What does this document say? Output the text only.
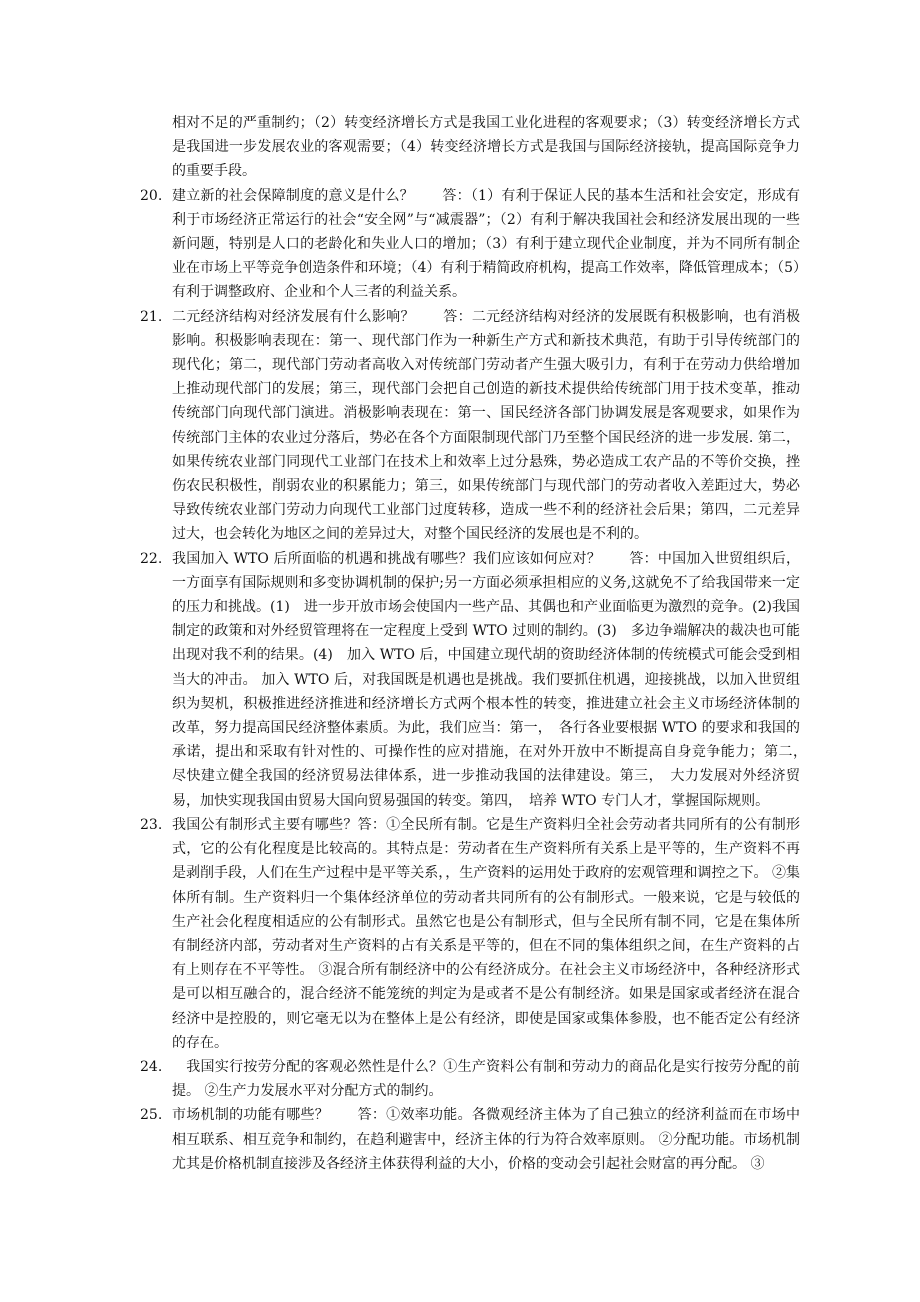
相对不足的严重制约；（2）转变经济增长方式是我国工业化进程的客观要求；（3）转变经济增长方式是我国进一步发展农业的客观需要；（4）转变经济增长方式是我国与国际经济接轨，提高国际竞争力的重要手段。
20. 建立新的社会保障制度的意义是什么？　　答：（1）有利于保证人民的基本生活和社会安定，形成有利于市场经济正常运行的社会“安全网”与“减震器”；（2）有利于解决我国社会和经济发展出现的一些新问题，特别是人口的老龄化和失业人口的增加；（3）有利于建立现代企业制度，并为不同所有制企业在市场上平等竞争创造条件和环境；（4）有利于精简政府机构，提高工作效率，降低管理成本；（5）有利于调整政府、企业和个人三者的利益关系。
21. 二元经济结构对经济发展有什么影响？　　答：二元经济结构对经济的发展既有积极影响，也有消极影响。积极影响表现在：第一、现代部门作为一种新生产方式和新技术典范，有助于引导传统部门的现代化；第二，现代部门劳动者高收入对传统部门劳动者产生强大吸引力，有利于在劳动力供给增加上推动现代部门的发展；第三，现代部门会把自己创造的新技术提供给传统部门用于技术变革，推动传统部门向现代部门演进。消极影响表现在：第一、国民经济各部门协调发展是客观要求，如果作为传统部门主体的农业过分落后，势必在各个方面限制现代部门乃至整个国民经济的进一步发展. 第二，如果传统农业部门同现代工业部门在技术上和效率上过分悬殊，势必造成工农产品的不等价交换，挫伤农民积极性，削弱农业的积累能力；第三，如果传统部门与现代部门的劳动者收入差距过大，势必导致传统农业部门劳动力向现代工业部门过度转移，造成一些不利的经济社会后果；第四，二元差异过大，也会转化为地区之间的差异过大，对整个国民经济的发展也是不利的。
22. 我国加入 WTO 后所面临的机遇和挑战有哪些？我们应该如何应对？　　答：中国加入世贸组织后，一方面享有国际规则和多变协调机制的保护;另一方面必须承担相应的义务,这就免不了给我国带来一定的压力和挑战。(1)　进一步开放市场会使国内一些产品、其偶也和产业面临更为激烈的竞争。(2)我国制定的政策和对外经贸管理将在一定程度上受到 WTO 过则的制约。(3)　多边争端解决的裁决也可能出现对我不利的结果。(4)　加入 WTO 后，中国建立现代胡的资助经济体制的传统模式可能会受到相当大的冲击。 加入 WTO 后，对我国既是机遇也是挑战。我们要抓住机遇，迎接挑战，以加入世贸组织为契机，积极推进经济推进和经济增长方式两个根本性的转变，推进建立社会主义市场经济体制的改革，努力提高国民经济整体素质。为此，我们应当：第一，　各行各业要根据 WTO 的要求和我国的承诺，提出和采取有针对性的、可操作性的应对措施，在对外开放中不断提高自身竞争能力；第二，　尽快建立健全我国的经济贸易法律体系，进一步推动我国的法律建设。第三，　大力发展对外经济贸易，加快实现我国由贸易大国向贸易强国的转变。第四，　培养 WTO 专门人才，掌握国际规则。
23. 我国公有制形式主要有哪些？答：①全民所有制。它是生产资料归全社会劳动者共同所有的公有制形式，它的公有化程度是比较高的。其特点是：劳动者在生产资料所有关系上是平等的，生产资料不再是剥削手段，人们在生产过程中是平等关系，，生产资料的运用处于政府的宏观管理和调控之下。 ②集体所有制。生产资料归一个集体经济单位的劳动者共同所有的公有制形式。一般来说，它是与较低的生产社会化程度相适应的公有制形式。虽然它也是公有制形式，但与全民所有制不同，它是在集体所有制经济内部，劳动者对生产资料的占有关系是平等的，但在不同的集体组织之间，在生产资料的占有上则存在不平等性。 ③混合所有制经济中的公有经济成分。在社会主义市场经济中，各种经济形式是可以相互融合的，混合经济不能笼统的判定为是或者不是公有制经济。如果是国家或者经济在混合经济中是控股的，则它毫无以为在整体上是公有经济，即使是国家或集体参股，也不能否定公有经济的存在。
24. 　我国实行按劳分配的客观必然性是什么？①生产资料公有制和劳动力的商品化是实行按劳分配的前提。 ②生产力发展水平对分配方式的制约。
25. 市场机制的功能有哪些？　　答：①效率功能。各微观经济主体为了自己独立的经济利益而在市场中相互联系、相互竞争和制约，在趋利避害中，经济主体的行为符合效率原则。 ②分配功能。市场机制尤其是价格机制直接涉及各经济主体获得利益的大小，价格的变动会引起社会财富的再分配。 ③
